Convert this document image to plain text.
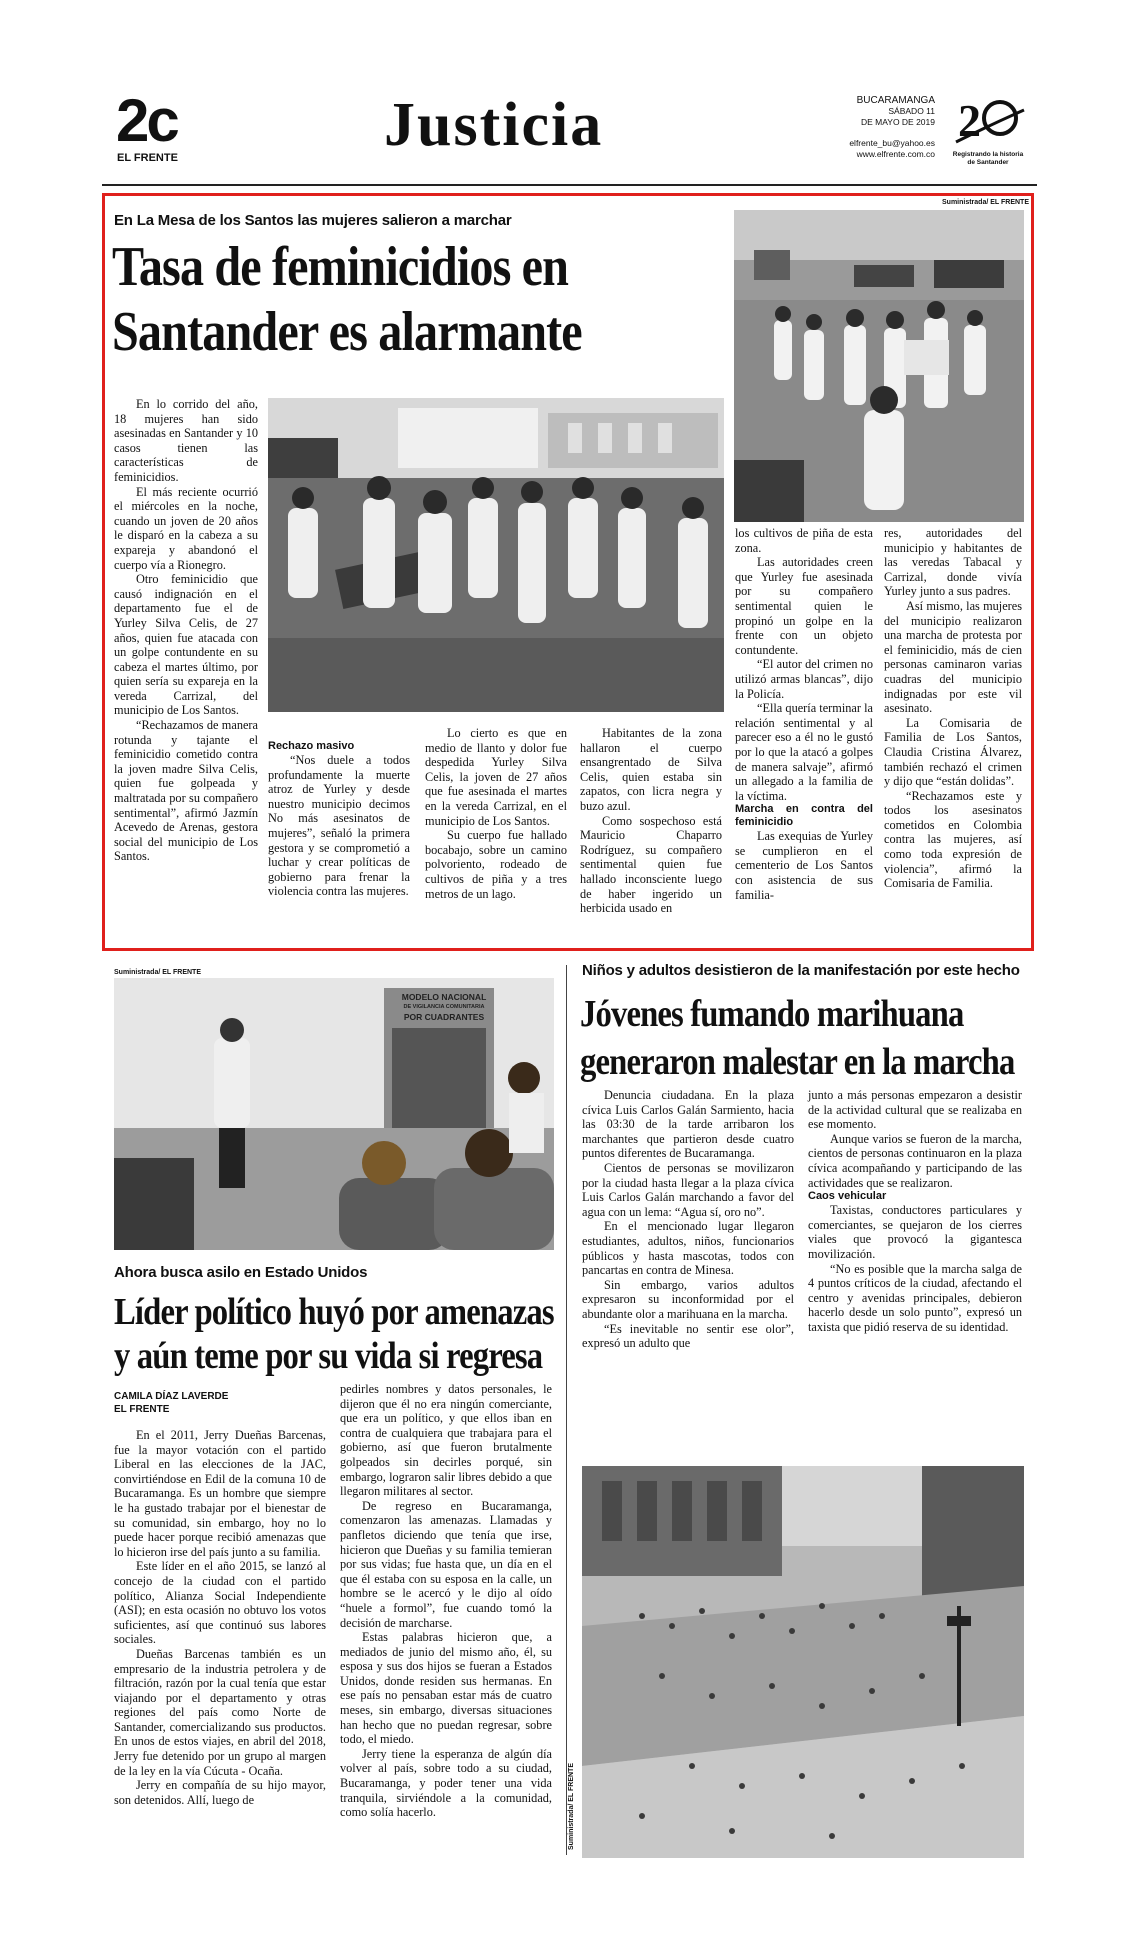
2c
EL FRENTE	Justicia	BUCARAMANGA
SÁBADO 11
DE MAYO DE 2019
elfrente_bu@yahoo.es
www.elfrente.com.co
2
Registrando la historia
de Santander
En La Mesa de los Santos las mujeres salieron a marchar
Tasa de feminicidios en
Santander es alarmante
Suministrada/ EL FRENTE

En lo corrido del año, 18 mujeres han sido asesinadas en Santander y 10 casos tienen las características de feminicidios.

El más reciente ocurrió el miércoles en la noche, cuando un joven de 20 años le disparó en la cabeza a su expareja y abandonó el cuerpo vía a Rionegro.

Otro feminicidio que causó indignación en el departamento fue el de Yurley Silva Celis, de 27 años, quien fue atacada con un golpe contundente en su cabeza el martes último, por quien sería su expareja en la vereda Carrizal, del municipio de Los Santos.

“Rechazamos de manera rotunda y tajante el feminicidio cometido contra la joven madre Silva Celis, quien fue golpeada y maltratada por su compañero sentimental”, afirmó Jazmín Acevedo de Arenas, gestora social del municipio de Los Santos.

Rechazo masivo

“Nos duele a todos profundamente la muerte atroz de Yurley y desde nuestro municipio decimos No más asesinatos de mujeres”, señaló la primera gestora y se comprometió a luchar y crear políticas de gobierno para frenar la violencia contra las mujeres.

Lo cierto es que en medio de llanto y dolor fue despedida Yurley Silva Celis, la joven de 27 años que fue asesinada el martes en la vereda Carrizal, en el municipio de Los Santos.

Su cuerpo fue hallado bocabajo, sobre un camino polvoriento, rodeado de cultivos de piña y a tres metros de un lago.

Habitantes de la zona hallaron el cuerpo ensangrentado de Silva Celis, quien estaba sin zapatos, con licra negra y buzo azul.

Como sospechoso está Mauricio Chaparro Rodríguez, su compañero sentimental quien fue hallado inconsciente luego de haber ingerido un herbicida usado en

los cultivos de piña de esta zona.

Las autoridades creen que Yurley fue asesinada por su compañero sentimental quien le propinó un golpe en la frente con un objeto contundente.

“El autor del crimen no utilizó armas blancas”, dijo la Policía.

“Ella quería terminar la relación sentimental y al parecer eso a él no le gustó por lo que la atacó a golpes de manera salvaje”, afirmó un allegado a la familia de la víctima.

Marcha en contra del feminicidio

Las exequias de Yurley se cumplieron en el cementerio de Los Santos con asistencia de sus familia-

res, autoridades del municipio y habitantes de las veredas Tabacal y Carrizal, donde vivía Yurley junto a sus padres.

Así mismo, las mujeres del municipio realizaron una marcha de protesta por el feminicidio, más de cien personas caminaron varias cuadras del municipio indignadas por este vil asesinato.

La Comisaria de Familia de Los Santos, Claudia Cristina Álvarez, también rechazó el crimen y dijo que “están dolidas”.

“Rechazamos este y todos los asesinatos cometidos en Colombia contra las mujeres, así como toda expresión de violencia”, afirmó la Comisaria de Familia.

Suministrada/ EL FRENTE
MODELO NACIONAL
DE VIGILANCIA COMUNITARIA
POR CUADRANTES
Ahora busca asilo en Estado Unidos
Líder político huyó por amenazas
y aún teme por su vida si regresa
CAMILA DÍAZ LAVERDE
EL FRENTE

En el 2011, Jerry Dueñas Barcenas, fue la mayor votación con el partido Liberal en las elecciones de la JAC, convirtiéndose en Edil de la comuna 10 de Bucaramanga. Es un hombre que siempre le ha gustado trabajar por el bienestar de su comunidad, sin embargo, hoy no lo puede hacer porque recibió amenazas que lo hicieron irse del país junto a su familia.

Este líder en el año 2015, se lanzó al concejo de la ciudad con el partido político, Alianza Social Independiente (ASI); en esta ocasión no obtuvo los votos suficientes, así que continuó sus labores sociales.

Dueñas Barcenas también es un empresario de la industria petrolera y de filtración, razón por la cual tenía que estar viajando por el departamento y otras regiones del país como Norte de Santander, comercializando sus productos. En unos de estos viajes, en abril del 2018, Jerry fue detenido por un grupo al margen de la ley en la vía Cúcuta - Ocaña.

Jerry en compañía de su hijo mayor, son detenidos. Allí, luego de

pedirles nombres y datos personales, le dijeron que él no era ningún comerciante, que era un político, y que ellos iban en contra de cualquiera que trabajara para el gobierno, así que fueron brutalmente golpeados sin decirles porqué, sin embargo, lograron salir libres debido a que llegaron militares al sector.

De regreso en Bucaramanga, comenzaron las amenazas. Llamadas y panfletos diciendo que tenía que irse, hicieron que Dueñas y su familia temieran por sus vidas; fue hasta que, un día en el que él estaba con su esposa en la calle, un hombre se le acercó y le dijo al oído “huele a formol”, fue cuando tomó la decisión de marcharse.

Estas palabras hicieron que, a mediados de junio del mismo año, él, su esposa y sus dos hijos se fueran a Estados Unidos, donde residen sus hermanas. En ese país no pensaban estar más de cuatro meses, sin embargo, diversas situaciones han hecho que no puedan regresar, sobre todo, el miedo.

Jerry tiene la esperanza de algún día volver al país, sobre todo a su ciudad, Bucaramanga, y poder tener una vida tranquila, sirviéndole a la comunidad, como solía hacerlo.

Niños y adultos desistieron de la manifestación por este hecho
Jóvenes fumando marihuana
generaron malestar en la marcha

Denuncia ciudadana. En la plaza cívica Luis Carlos Galán Sarmiento, hacia las 03:30 de la tarde arribaron los marchantes que partieron desde cuatro puntos diferentes de Bucaramanga.

Cientos de personas se movilizaron por la ciudad hasta llegar a la plaza cívica Luis Carlos Galán marchando a favor del agua con un lema: “Agua sí, oro no”.

En el mencionado lugar llegaron estudiantes, adultos, niños, funcionarios públicos y hasta mascotas, todos con pancartas en contra de Minesa.

Sin embargo, varios adultos expresaron su inconformidad por el abundante olor a marihuana en la marcha.

“Es inevitable no sentir ese olor”, expresó un adulto que

junto a más personas empezaron a desistir de la actividad cultural que se realizaba en ese momento.

Aunque varios se fueron de la marcha, cientos de personas continuaron en la plaza cívica acompañando y participando de las actividades que se realizaron.

Caos vehicular

Taxistas, conductores particulares y comerciantes, se quejaron de los cierres viales que provocó la gigantesca movilización.

“No es posible que la marcha salga de 4 puntos críticos de la ciudad, afectando el centro y avenidas principales, debieron hacerlo desde un solo punto”, expresó un taxista que pidió reserva de su identidad.

Suministrada/ EL FRENTE
